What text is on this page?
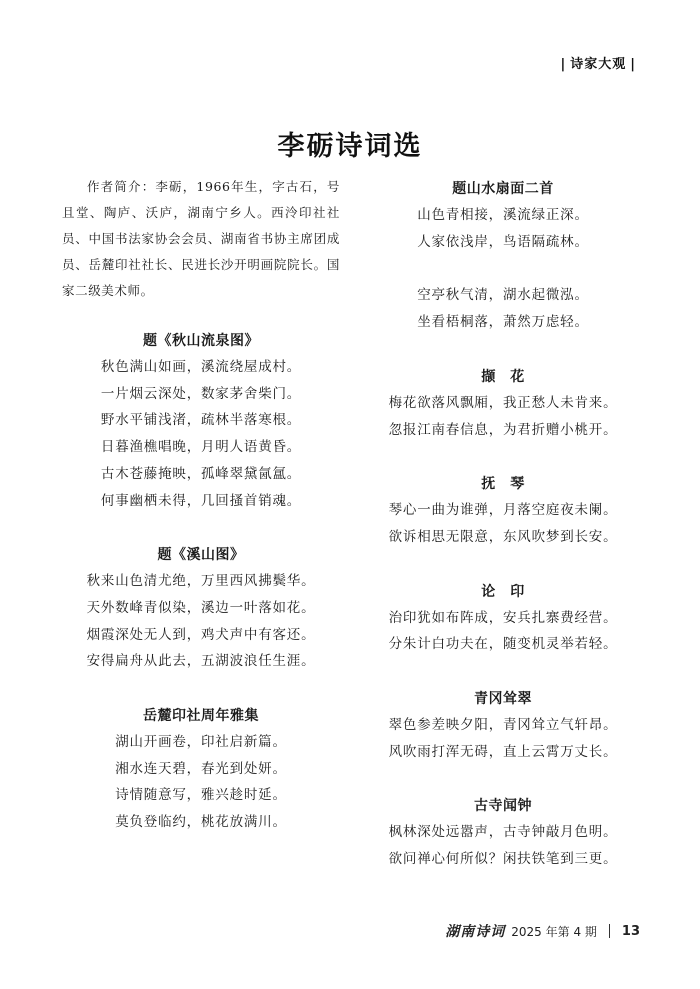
| 诗家大观 |
李砺诗词选

作者简介：李砺，1966年生，字古石，号且堂、陶庐、沃庐，湖南宁乡人。西泠印社社员、中国书法家协会会员、湖南省书协主席团成员、岳麓印社社长、民进长沙开明画院院长。国家二级美术师。

题《秋山流泉图》
秋色满山如画，溪流绕屋成村。
一片烟云深处，数家茅舍柴门。
野水平铺浅渚，疏林半落寒根。
日暮渔樵唱晚，月明人语黄昏。
古木苍藤掩映，孤峰翠黛氤氲。
何事幽栖未得，几回搔首销魂。
题《溪山图》
秋来山色清尤绝，万里西风拂鬓华。
天外数峰青似染，溪边一叶落如花。
烟霞深处无人到，鸡犬声中有客还。
安得扁舟从此去，五湖波浪任生涯。
岳麓印社周年雅集
湖山开画卷，印社启新篇。
湘水连天碧，春光到处妍。
诗情随意写，雅兴趁时延。
莫负登临约，桃花放满川。
题山水扇面二首
山色青相接，溪流绿正深。
人家依浅岸，鸟语隔疏林。
空亭秋气清，湖水起微泓。
坐看梧桐落，萧然万虑轻。
撷　花
梅花欲落风飘厢，我正愁人未肯来。
忽报江南春信息，为君折赠小桃开。
抚　琴
琴心一曲为谁弹，月落空庭夜未阑。
欲诉相思无限意，东风吹梦到长安。
论　印
治印犹如布阵成，安兵扎寨费经营。
分朱计白功夫在，随变机灵举若轻。
青冈耸翠
翠色参差映夕阳，青冈耸立气轩昂。
风吹雨打浑无碍，直上云霄万丈长。
古寺闻钟
枫林深处远嚣声，古寺钟敲月色明。
欲问禅心何所似？闲扶铁笔到三更。
湖南诗词 2025 年第 4 期 13
